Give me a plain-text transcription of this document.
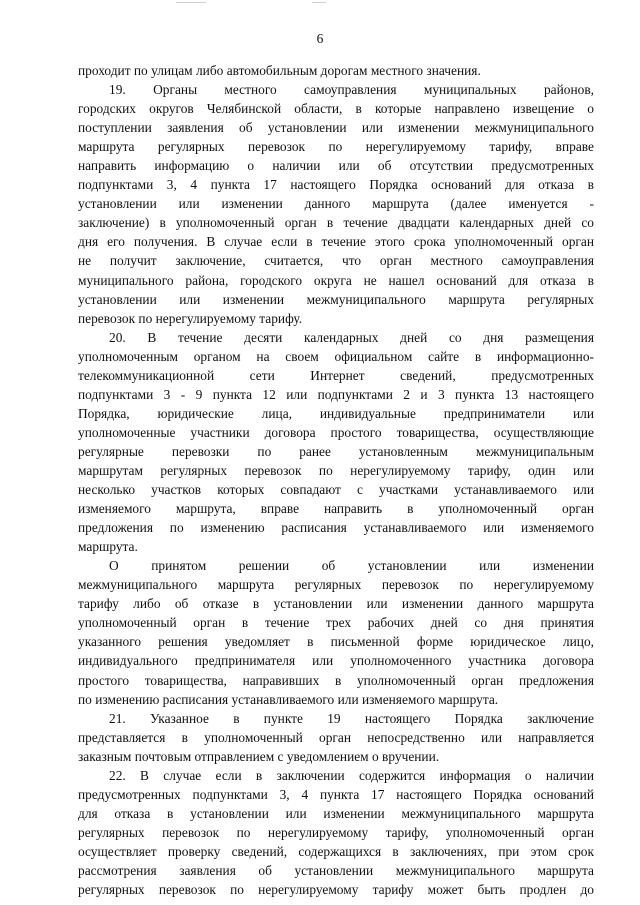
6
проходит по улицам либо автомобильным дорогам местного значения.
19. Органы местного самоуправления муниципальных районов,
городских округов Челябинской области, в которые направлено извещение о
поступлении заявления об установлении или изменении межмуниципального
маршрута регулярных перевозок по нерегулируемому тарифу, вправе
направить информацию о наличии или об отсутствии предусмотренных
подпунктами 3, 4 пункта 17 настоящего Порядка оснований для отказа в
установлении или изменении данного маршрута (далее именуется -
заключение) в уполномоченный орган в течение двадцати календарных дней со
дня его получения. В случае если в течение этого срока уполномоченный орган
не получит заключение, считается, что орган местного самоуправления
муниципального района, городского округа не нашел оснований для отказа в
установлении или изменении межмуниципального маршрута регулярных
перевозок по нерегулируемому тарифу.
20. В течение десяти календарных дней со дня размещения
уполномоченным органом на своем официальном сайте в информационно-
телекоммуникационной сети Интернет сведений, предусмотренных
подпунктами 3 - 9 пункта 12 или подпунктами 2 и 3 пункта 13 настоящего
Порядка, юридические лица, индивидуальные предприниматели или
уполномоченные участники договора простого товарищества, осуществляющие
регулярные перевозки по ранее установленным межмуниципальным
маршрутам регулярных перевозок по нерегулируемому тарифу, один или
несколько участков которых совпадают с участками устанавливаемого или
изменяемого маршрута, вправе направить в уполномоченный орган
предложения по изменению расписания устанавливаемого или изменяемого
маршрута.
О принятом решении об установлении или изменении
межмуниципального маршрута регулярных перевозок по нерегулируемому
тарифу либо об отказе в установлении или изменении данного маршрута
уполномоченный орган в течение трех рабочих дней со дня принятия
указанного решения уведомляет в письменной форме юридическое лицо,
индивидуального предпринимателя или уполномоченного участника договора
простого товарищества, направивших в уполномоченный орган предложения
по изменению расписания устанавливаемого или изменяемого маршрута.
21. Указанное в пункте 19 настоящего Порядка заключение
представляется в уполномоченный орган непосредственно или направляется
заказным почтовым отправлением с уведомлением о вручении.
22. В случае если в заключении содержится информация о наличии
предусмотренных подпунктами 3, 4 пункта 17 настоящего Порядка оснований
для отказа в установлении или изменении межмуниципального маршрута
регулярных перевозок по нерегулируемому тарифу, уполномоченный орган
осуществляет проверку сведений, содержащихся в заключениях, при этом срок
рассмотрения заявления об установлении межмуниципального маршрута
регулярных перевозок по нерегулируемому тарифу может быть продлен до
